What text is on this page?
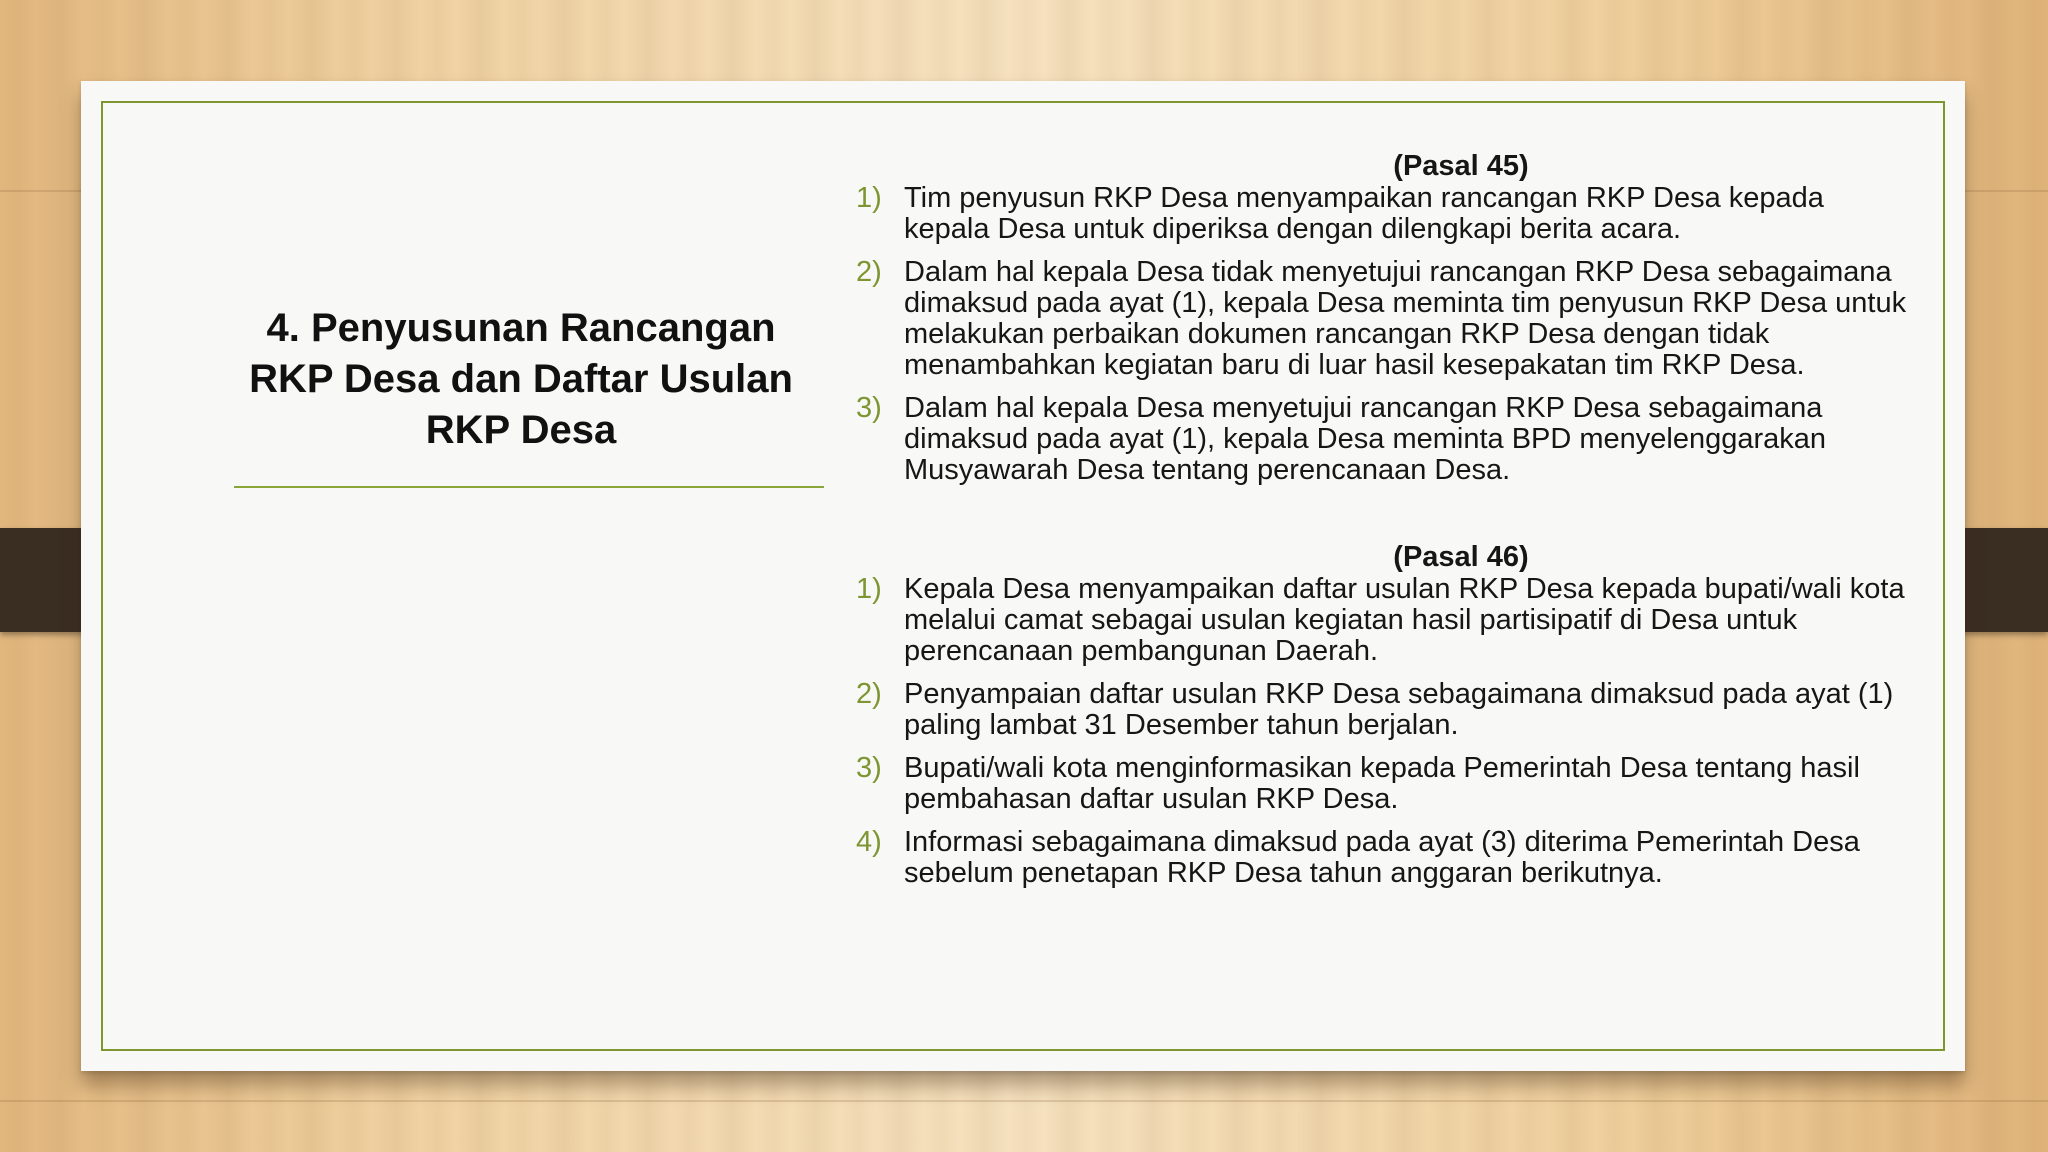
4. Penyusunan Rancangan RKP Desa dan Daftar Usulan RKP Desa
(Pasal 45)
1) Tim penyusun RKP Desa menyampaikan rancangan RKP Desa kepada kepala Desa untuk diperiksa dengan dilengkapi berita acara.
2) Dalam hal kepala Desa tidak menyetujui rancangan RKP Desa sebagaimana dimaksud pada ayat (1), kepala Desa meminta tim penyusun RKP Desa untuk melakukan perbaikan dokumen rancangan RKP Desa dengan tidak menambahkan kegiatan baru di luar hasil kesepakatan tim RKP Desa.
3) Dalam hal kepala Desa menyetujui rancangan RKP Desa sebagaimana dimaksud pada ayat (1), kepala Desa meminta BPD menyelenggarakan Musyawarah Desa tentang perencanaan Desa.
(Pasal 46)
1) Kepala Desa menyampaikan daftar usulan RKP Desa kepada bupati/wali kota melalui camat sebagai usulan kegiatan hasil partisipatif di Desa untuk perencanaan pembangunan Daerah.
2) Penyampaian daftar usulan RKP Desa sebagaimana dimaksud pada ayat (1) paling lambat 31 Desember tahun berjalan.
3) Bupati/wali kota menginformasikan kepada Pemerintah Desa tentang hasil pembahasan daftar usulan RKP Desa.
4) Informasi sebagaimana dimaksud pada ayat (3) diterima Pemerintah Desa sebelum penetapan RKP Desa tahun anggaran berikutnya.
